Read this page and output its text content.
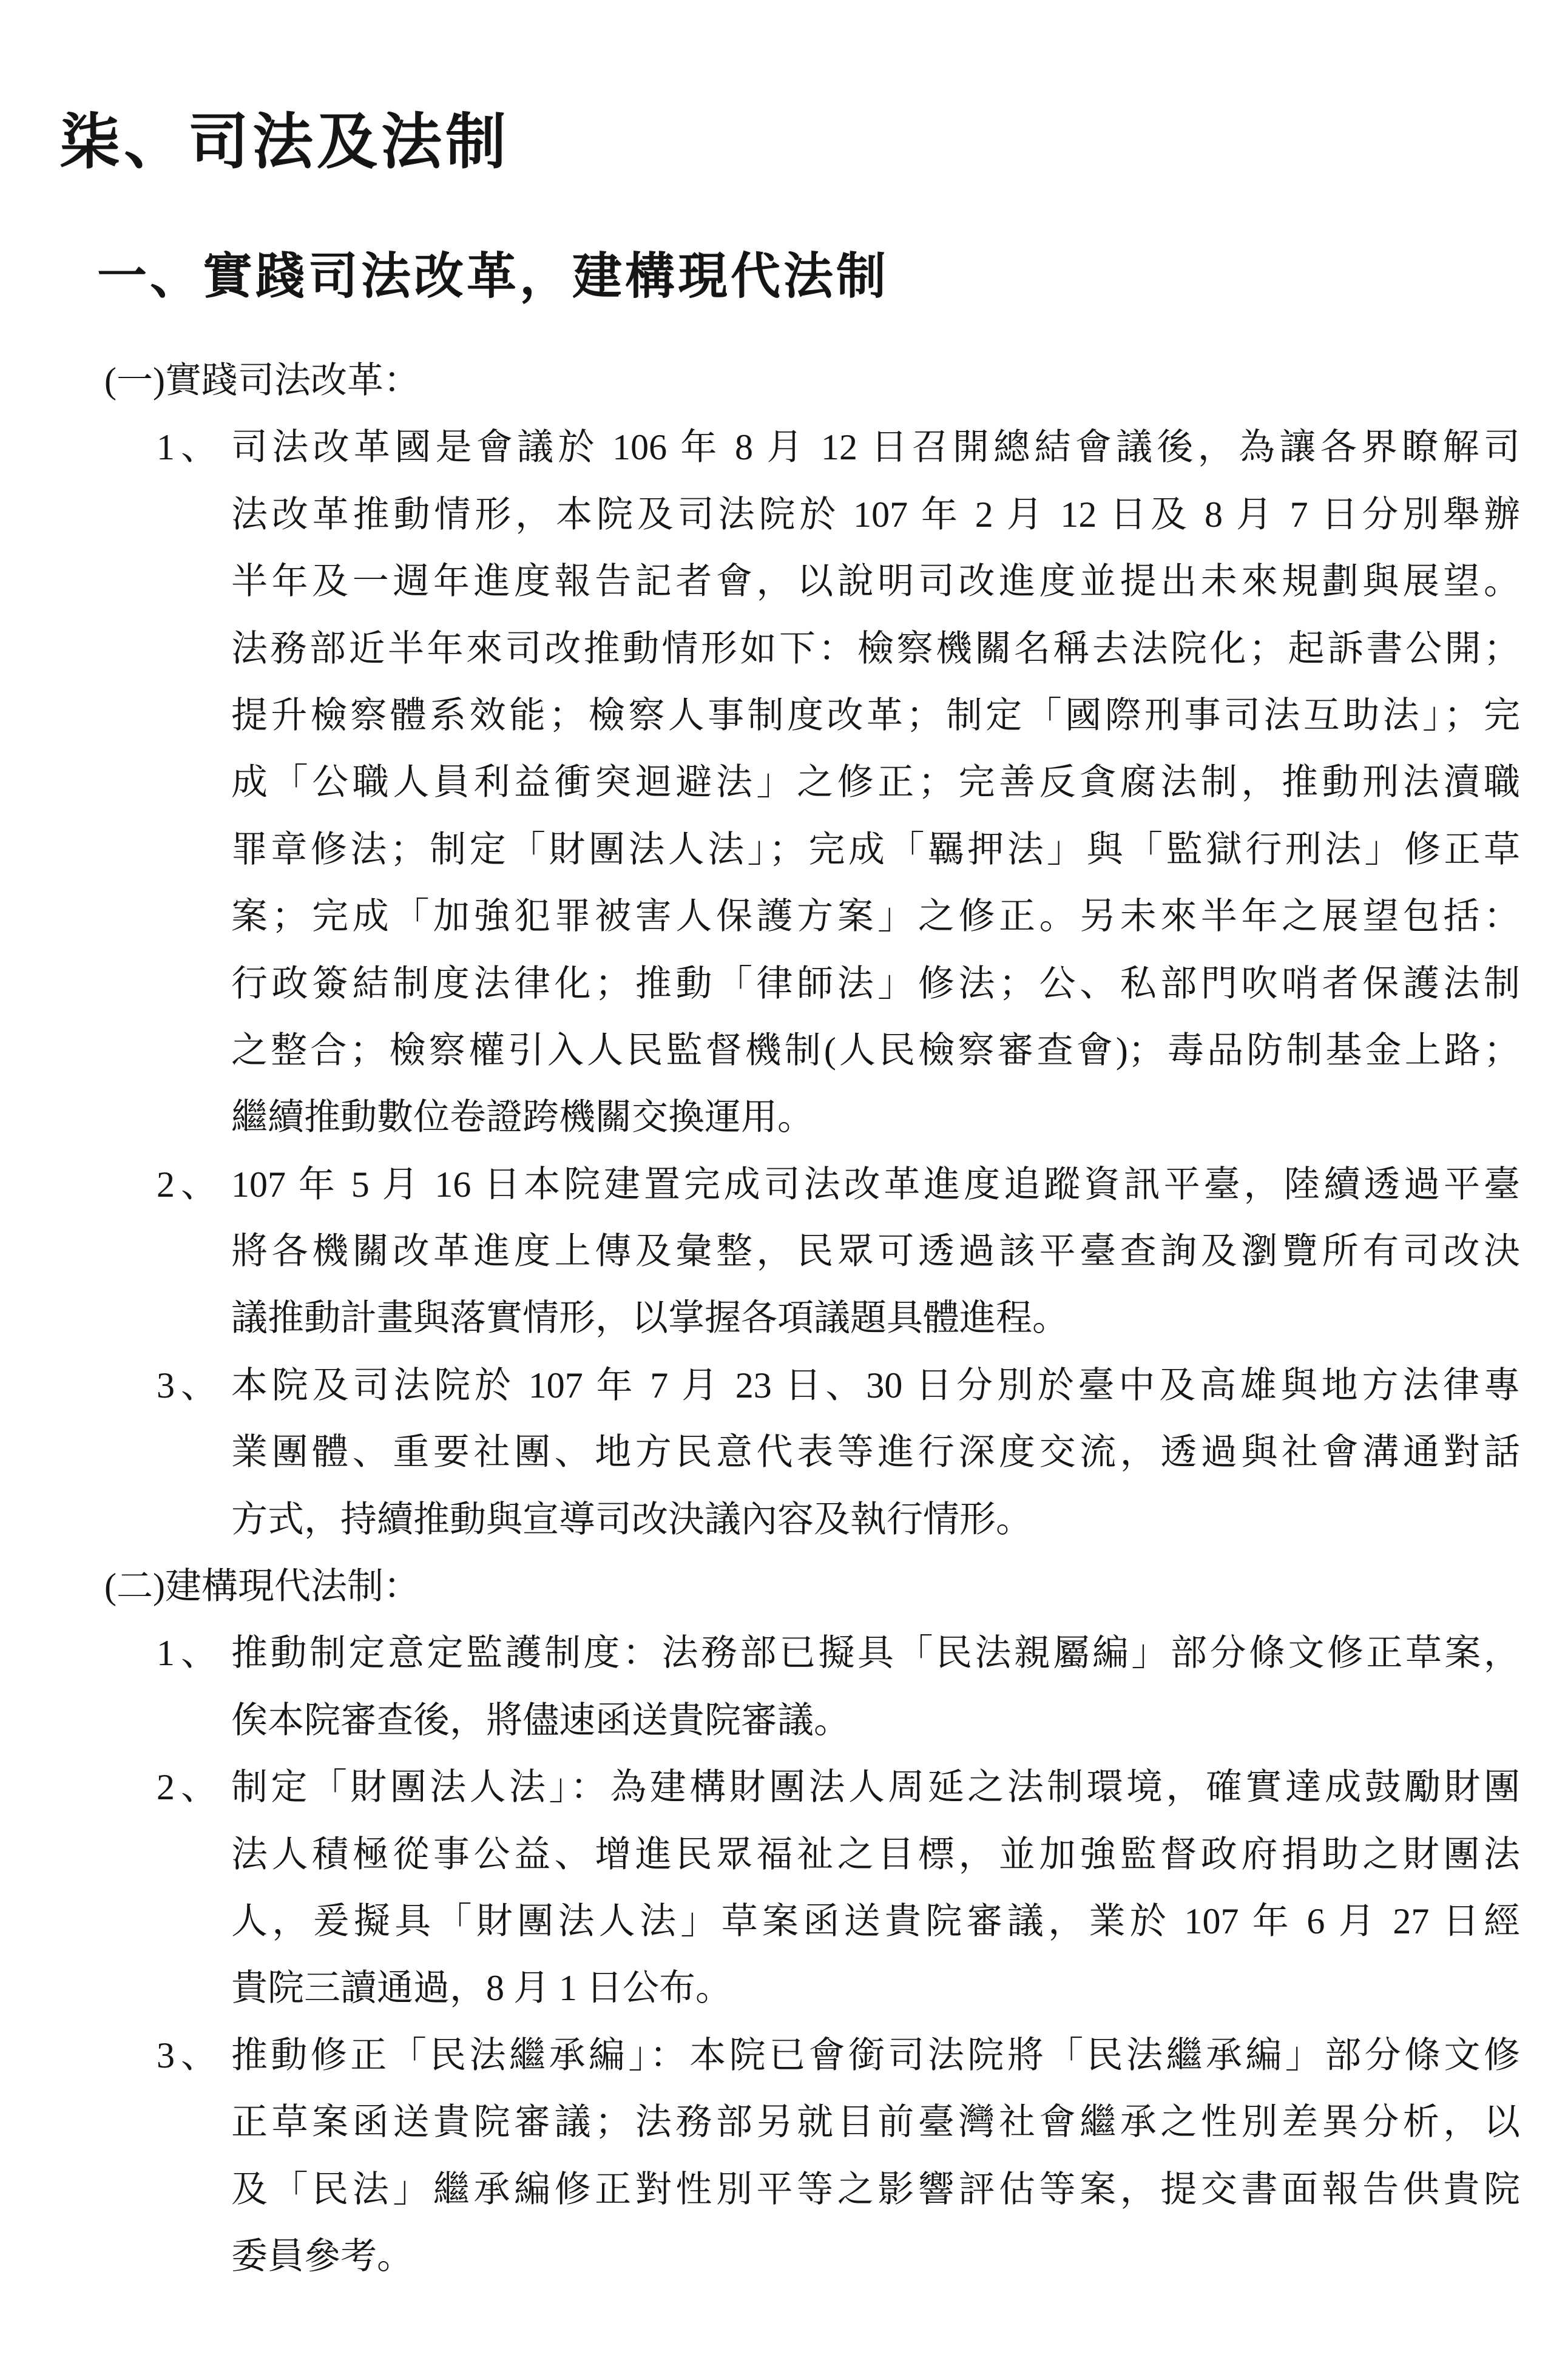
柒、司法及法制
一、實踐司法改革，建構現代法制
(一)實踐司法改革：
1、 司法改革國是會議於 106 年 8 月 12 日召開總結會議後，為讓各界瞭解司
法改革推動情形，本院及司法院於 107 年 2 月 12 日及 8 月 7 日分別舉辦
半年及一週年進度報告記者會，以說明司改進度並提出未來規劃與展望。
法務部近半年來司改推動情形如下：檢察機關名稱去法院化；起訴書公開；
提升檢察體系效能；檢察人事制度改革；制定「國際刑事司法互助法」；完
成「公職人員利益衝突迴避法」之修正；完善反貪腐法制，推動刑法瀆職
罪章修法；制定「財團法人法」；完成「羈押法」與「監獄行刑法」修正草
案；完成「加強犯罪被害人保護方案」之修正。另未來半年之展望包括：
行政簽結制度法律化；推動「律師法」修法；公、私部門吹哨者保護法制
之整合；檢察權引入人民監督機制(人民檢察審查會)；毒品防制基金上路；
繼續推動數位卷證跨機關交換運用。
2、 107 年 5 月 16 日本院建置完成司法改革進度追蹤資訊平臺，陸續透過平臺
將各機關改革進度上傳及彙整，民眾可透過該平臺查詢及瀏覽所有司改決
議推動計畫與落實情形，以掌握各項議題具體進程。
3、 本院及司法院於 107 年 7 月 23 日、30 日分別於臺中及高雄與地方法律專
業團體、重要社團、地方民意代表等進行深度交流，透過與社會溝通對話
方式，持續推動與宣導司改決議內容及執行情形。
(二)建構現代法制：
1、 推動制定意定監護制度：法務部已擬具「民法親屬編」部分條文修正草案，
俟本院審查後，將儘速函送貴院審議。
2、 制定「財團法人法」：為建構財團法人周延之法制環境，確實達成鼓勵財團
法人積極從事公益、增進民眾福祉之目標，並加強監督政府捐助之財團法
人，爰擬具「財團法人法」草案函送貴院審議，業於 107 年 6 月 27 日經
貴院三讀通過，8 月 1 日公布。
3、 推動修正「民法繼承編」：本院已會銜司法院將「民法繼承編」部分條文修
正草案函送貴院審議；法務部另就目前臺灣社會繼承之性別差異分析，以
及「民法」繼承編修正對性別平等之影響評估等案，提交書面報告供貴院
委員參考。
